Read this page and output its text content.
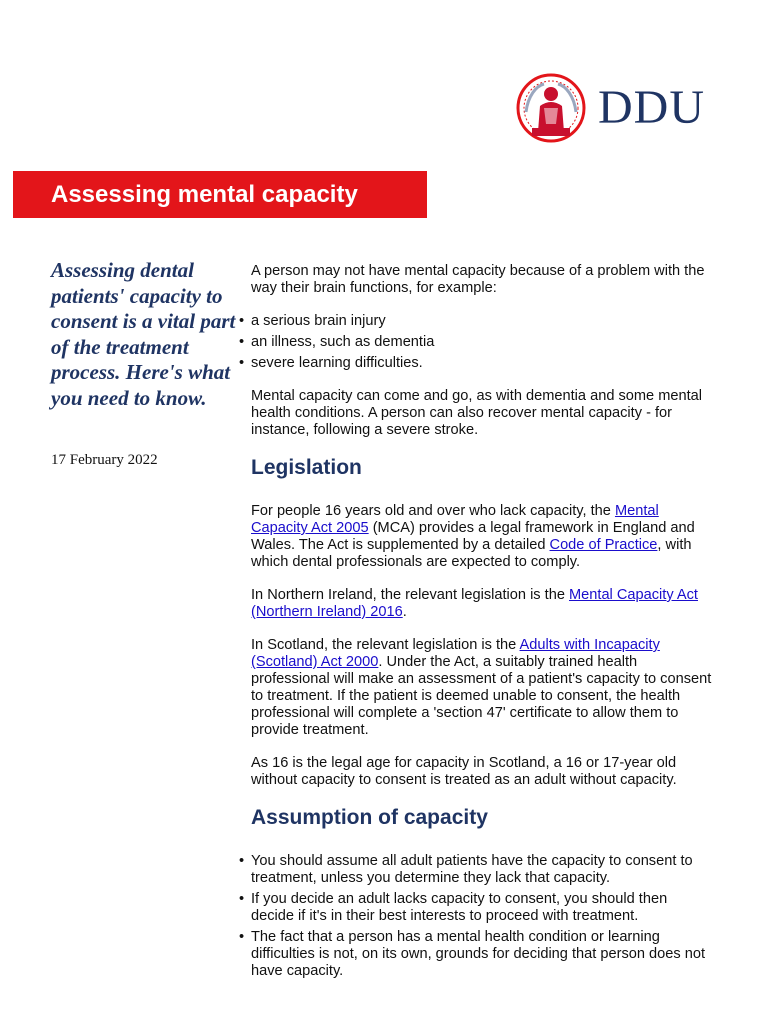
DDU
Assessing mental capacity
Assessing dental patients' capacity to consent is a vital part of the treatment process. Here's what you need to know.
17 February 2022

A person may not have mental capacity because of a problem with the way their brain functions, for example:

• a serious brain injury
• an illness, such as dementia
• severe learning difficulties.

Mental capacity can come and go, as with dementia and some mental health conditions. A person can also recover mental capacity - for instance, following a severe stroke.

Legislation

For people 16 years old and over who lack capacity, the Mental Capacity Act 2005 (MCA) provides a legal framework in England and Wales. The Act is supplemented by a detailed Code of Practice, with which dental professionals are expected to comply.

In Northern Ireland, the relevant legislation is the Mental Capacity Act (Northern Ireland) 2016.

In Scotland, the relevant legislation is the Adults with Incapacity (Scotland) Act 2000. Under the Act, a suitably trained health professional will make an assessment of a patient's capacity to consent to treatment. If the patient is deemed unable to consent, the health professional will complete a 'section 47' certificate to allow them to provide treatment.

As 16 is the legal age for capacity in Scotland, a 16 or 17-year old without capacity to consent is treated as an adult without capacity.

Assumption of capacity
• You should assume all adult patients have the capacity to consent to treatment, unless you determine they lack that capacity.
• If you decide an adult lacks capacity to consent, you should then decide if it's in their best interests to proceed with treatment.
• The fact that a person has a mental health condition or learning difficulties is not, on its own, grounds for deciding that person does not have capacity.
